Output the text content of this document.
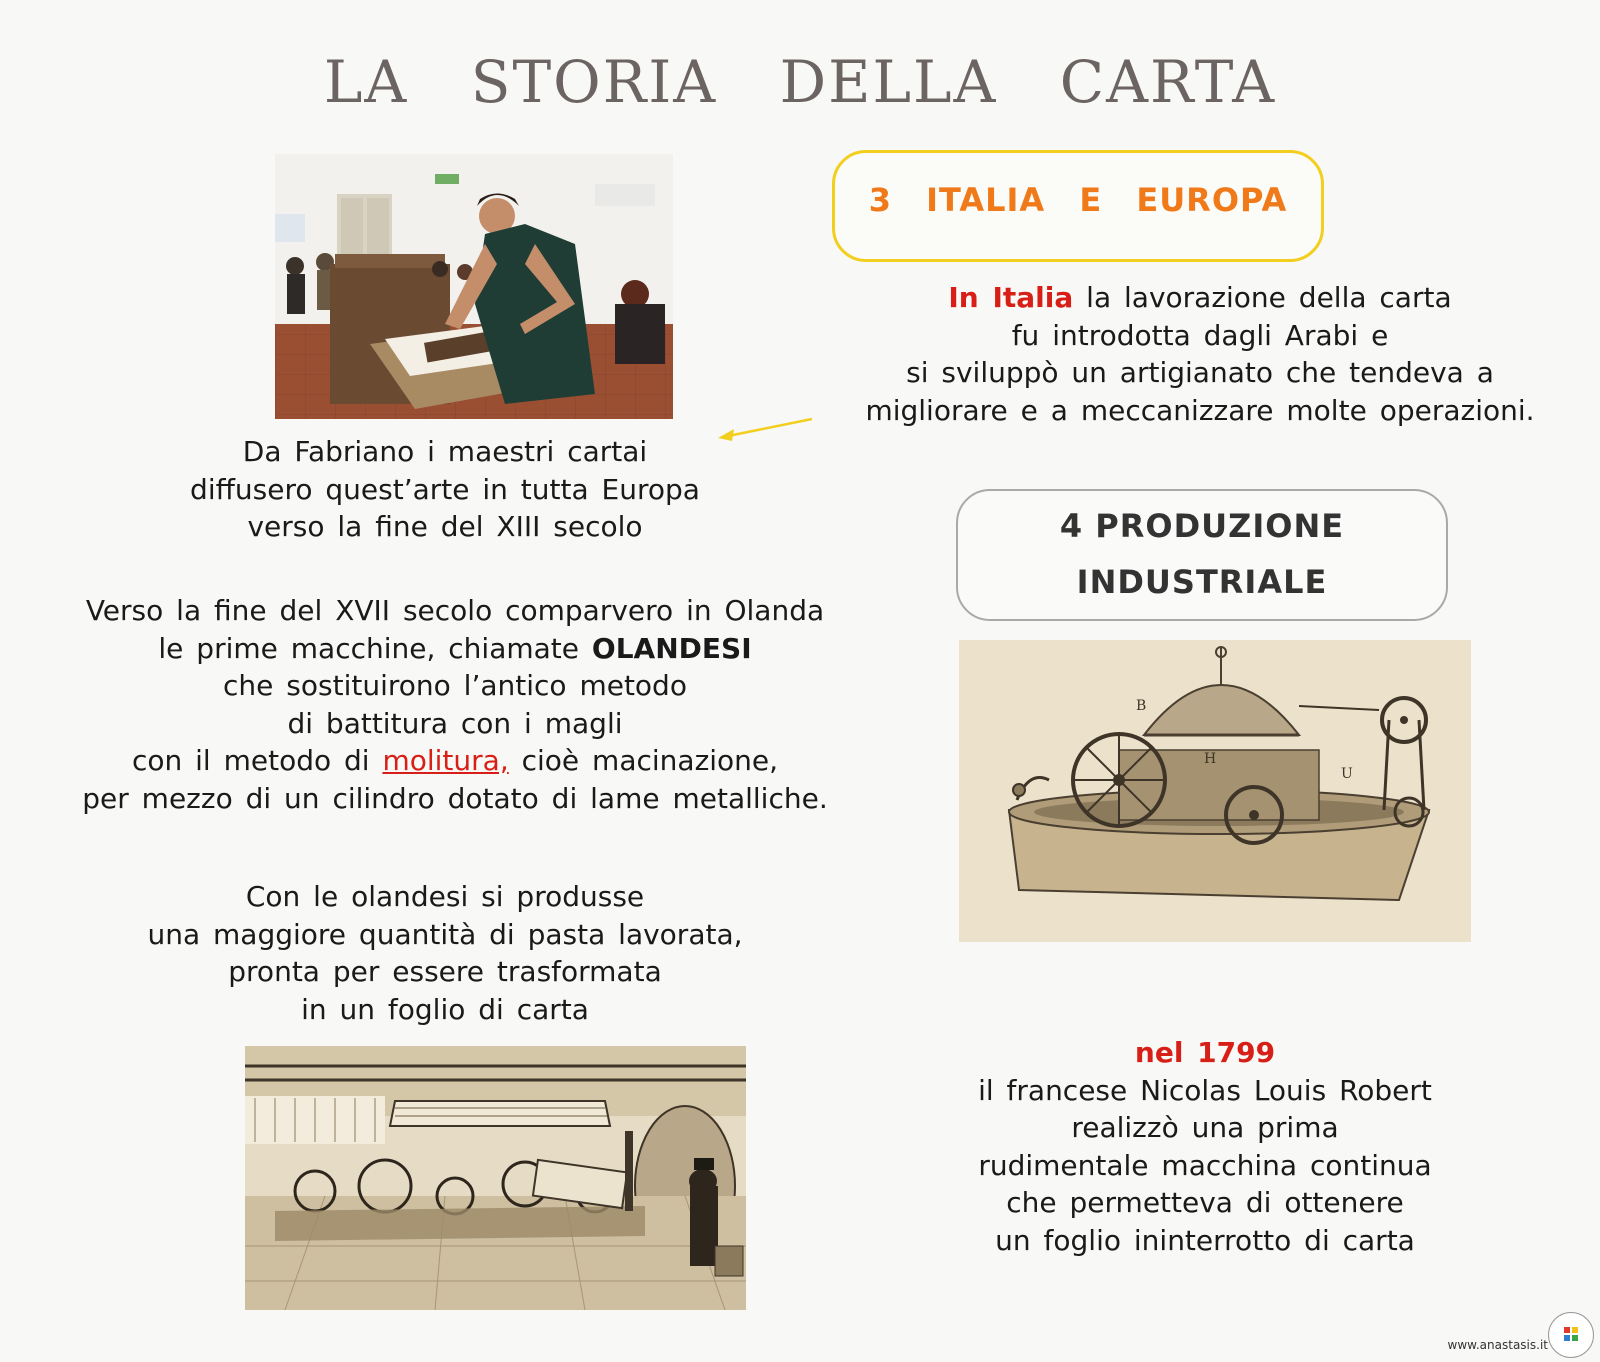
LA STORIA DELLA CARTA
3 ITALIA E EUROPA
In Italia la lavorazione della carta
fu introdotta dagli Arabi e
si sviluppò un artigianato che tendeva a
migliorare e a meccanizzare molte operazioni.
Da Fabriano i maestri cartai
diffusero quest’arte in tutta Europa
verso la fine del XIII secolo
Verso la fine del XVII secolo comparvero in Olanda
le prime macchine, chiamate OLANDESI
che sostituirono l’antico metodo
di battitura con i magli
con il metodo di molitura, cioè macinazione,
per mezzo di un cilindro dotato di lame metalliche.
Con le olandesi si produsse
una maggiore quantità di pasta lavorata,
pronta per essere trasformata
in un foglio di carta
4 PRODUZIONE
INDUSTRIALE
B
H
U
nel 1799
il francese Nicolas Louis Robert
realizzò una prima
rudimentale macchina continua
che permetteva di ottenere
un foglio ininterrotto di carta
www.anastasis.it
